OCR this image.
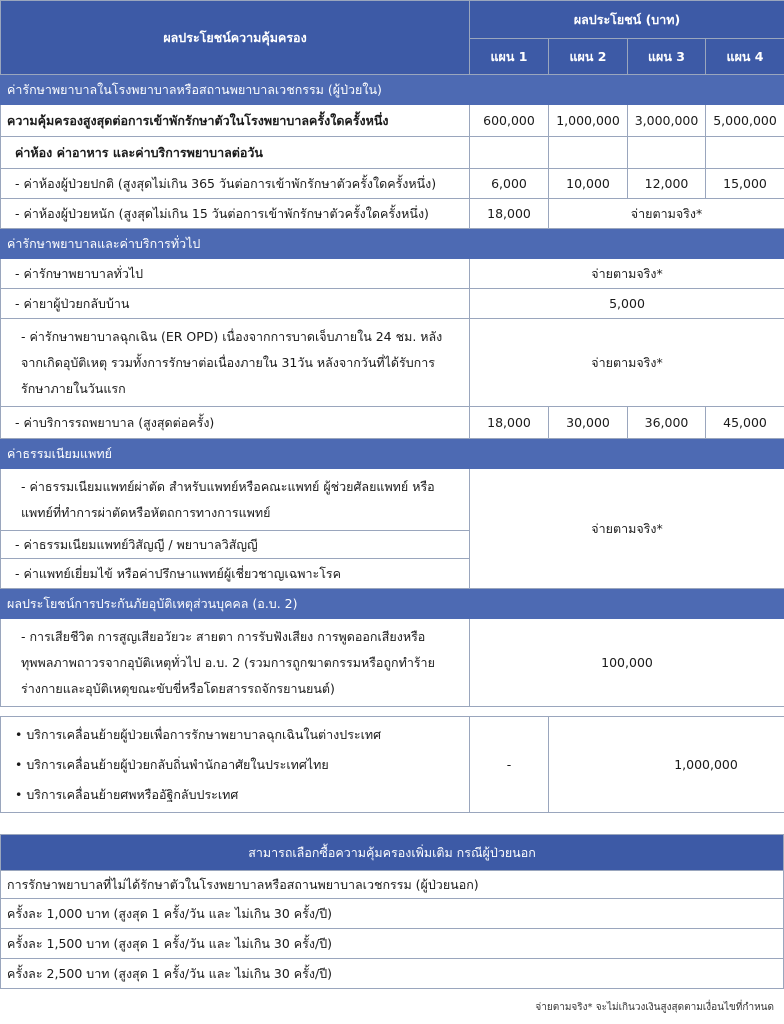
ผลประโยชน์ความคุ้มครอง	ผลประโยชน์ (บาท)			
	แผน 1	แผน 2	แผน 3	แผน 4
ค่ารักษาพยาบาลในโรงพยาบาลหรือสถานพยาบาลเวชกรรม (ผู้ป่วยใน)				
ความคุ้มครองสูงสุดต่อการเข้าพักรักษาตัวในโรงพยาบาลครั้งใดครั้งหนึ่ง	600,000	1,000,000	3,000,000	5,000,000
ค่าห้อง ค่าอาหาร และค่าบริการพยาบาลต่อวัน				
- ค่าห้องผู้ป่วยปกติ (สูงสุดไม่เกิน 365 วันต่อการเข้าพักรักษาตัวครั้งใดครั้งหนึ่ง)	6,000	10,000	12,000	15,000
- ค่าห้องผู้ป่วยหนัก (สูงสุดไม่เกิน 15 วันต่อการเข้าพักรักษาตัวครั้งใดครั้งหนึ่ง)	18,000	จ่ายตามจริง*		
ค่ารักษาพยาบาลและค่าบริการทั่วไป				
- ค่ารักษาพยาบาลทั่วไป	จ่ายตามจริง*			
- ค่ายาผู้ป่วยกลับบ้าน	5,000			
- ค่ารักษาพยาบาลฉุกเฉิน (ER OPD) เนื่องจากการบาดเจ็บภายใน 24 ชม. หลังจากเกิดอุบัติเหตุ รวมทั้งการรักษาต่อเนื่องภายใน 31วัน หลังจากวันที่ได้รับการรักษาภายในวันแรก	จ่ายตามจริง*			
- ค่าบริการรถพยาบาล (สูงสุดต่อครั้ง)	18,000	30,000	36,000	45,000
ค่าธรรมเนียมแพทย์				
- ค่าธรรมเนียมแพทย์ผ่าตัด สำหรับแพทย์หรือคณะแพทย์ ผู้ช่วยศัลยแพทย์ หรือแพทย์ที่ทำการผ่าตัดหรือหัตถการทางการแพทย์	จ่ายตามจริง*			
- ค่าธรรมเนียมแพทย์วิสัญญี / พยาบาลวิสัญญี				
- ค่าแพทย์เยี่ยมไข้ หรือค่าปรึกษาแพทย์ผู้เชี่ยวชาญเฉพาะโรค				
ผลประโยชน์การประกันภัยอุบัติเหตุส่วนบุคคล (อ.บ. 2)				
- การเสียชีวิต การสูญเสียอวัยวะ สายตา การรับฟังเสียง การพูดออกเสียงหรือทุพพลภาพถาวรจากอุบัติเหตุทั่วไป อ.บ. 2 (รวมการถูกฆาตกรรมหรือถูกทำร้ายร่างกายและอุบัติเหตุขณะขับขี่หรือโดยสารรถจักรยานยนต์)	100,000			
• บริการเคลื่อนย้ายผู้ป่วยเพื่อการรักษาพยาบาลฉุกเฉินในต่างประเทศ
• บริการเคลื่อนย้ายผู้ป่วยกลับถิ่นพำนักอาศัยในประเทศไทย
• บริการเคลื่อนย้ายศพหรืออัฐิกลับประเทศ
	-	1,000,000
สามารถเลือกซื้อความคุ้มครองเพิ่มเติม กรณีผู้ป่วยนอก
การรักษาพยาบาลที่ไม่ได้รักษาตัวในโรงพยาบาลหรือสถานพยาบาลเวชกรรม (ผู้ป่วยนอก)
ครั้งละ 1,000 บาท (สูงสุด 1 ครั้ง/วัน และ ไม่เกิน 30 ครั้ง/ปี)
ครั้งละ 1,500 บาท (สูงสุด 1 ครั้ง/วัน และ ไม่เกิน 30 ครั้ง/ปี)
ครั้งละ 2,500 บาท (สูงสุด 1 ครั้ง/วัน และ ไม่เกิน 30 ครั้ง/ปี)
จ่ายตามจริง* จะไม่เกินวงเงินสูงสุดตามเงื่อนไขที่กำหนด
